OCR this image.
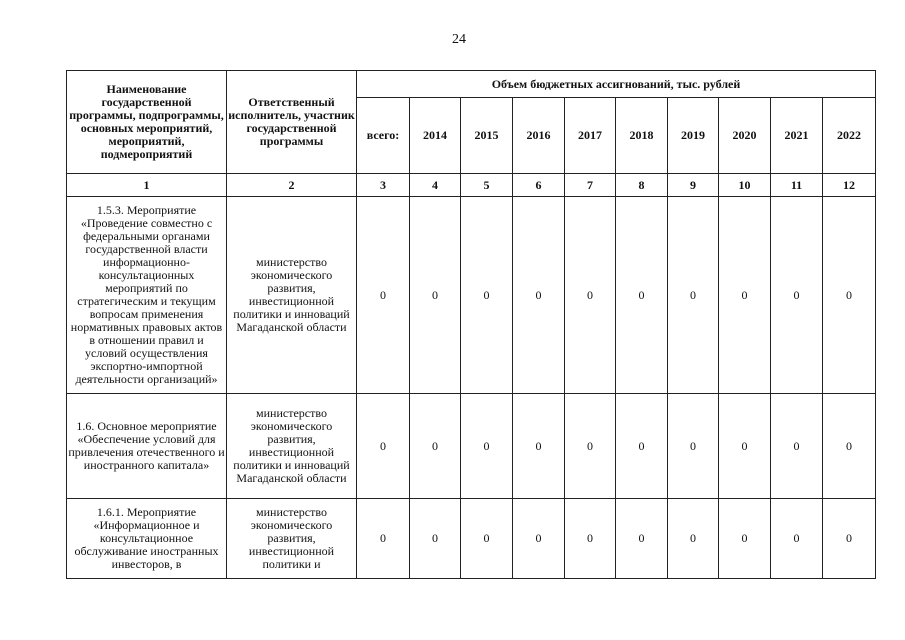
24
Наименование государственной программы, подпрограммы, основных мероприятий, мероприятий, подмероприятий	Ответственный исполнитель, участник государственной программы	Объем бюджетных ассигнований, тыс. рублей									
		всего:	2014	2015	2016	2017	2018	2019	2020	2021	2022
1	2	3	4	5	6	7	8	9	10	11	12
1.5.3. Мероприятие «Проведение совместно с федеральными органами государственной власти информационно-консультационных мероприятий по стратегическим и текущим вопросам применения нормативных правовых актов в отношении правил и условий осуществления экспортно-импортной деятельности организаций»	министерство экономического развития, инвестиционной политики и инноваций Магаданской области	0	0	0	0	0	0	0	0	0	0
1.6. Основное мероприятие «Обеспечение условий для привлечения отечественного и иностранного капитала»	министерство экономического развития, инвестиционной политики и инноваций Магаданской области	0	0	0	0	0	0	0	0	0	0
1.6.1. Мероприятие «Информационное и консультационное обслуживание иностранных инвесторов, в	министерство экономического развития, инвестиционной политики и	0	0	0	0	0	0	0	0	0	0
